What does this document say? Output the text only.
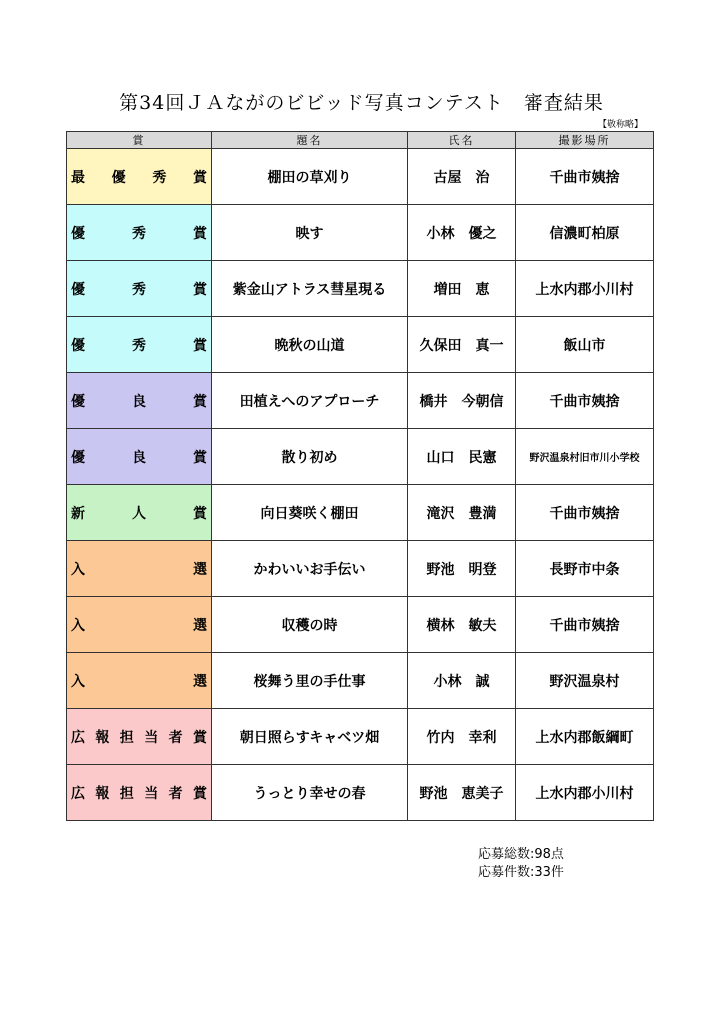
第34回ＪＡながのビビッド写真コンテスト　審査結果
【敬称略】
賞	題名	氏名	撮影場所

最優秀賞	棚田の草刈り	古屋　治	千曲市姨捨

優秀賞	映す	小林　優之	信濃町柏原

優秀賞	紫金山アトラス彗星現る	増田　恵	上水内郡小川村

優秀賞	晩秋の山道	久保田　真一	飯山市

優良賞	田植えへのアプローチ	橋井　今朝信	千曲市姨捨

優良賞	散り初め	山口　民憲	野沢温泉村旧市川小学校

新人賞	向日葵咲く棚田	滝沢　豊満	千曲市姨捨

入選	かわいいお手伝い	野池　明登	長野市中条

入選	収穫の時	横林　敏夫	千曲市姨捨

入選	桜舞う里の手仕事	小林　誠	野沢温泉村

広報担当者賞	朝日照らすキャベツ畑	竹内　幸利	上水内郡飯綱町

広報担当者賞	うっとり幸せの春	野池　恵美子	上水内郡小川村
応募総数:98点
応募件数:33件
